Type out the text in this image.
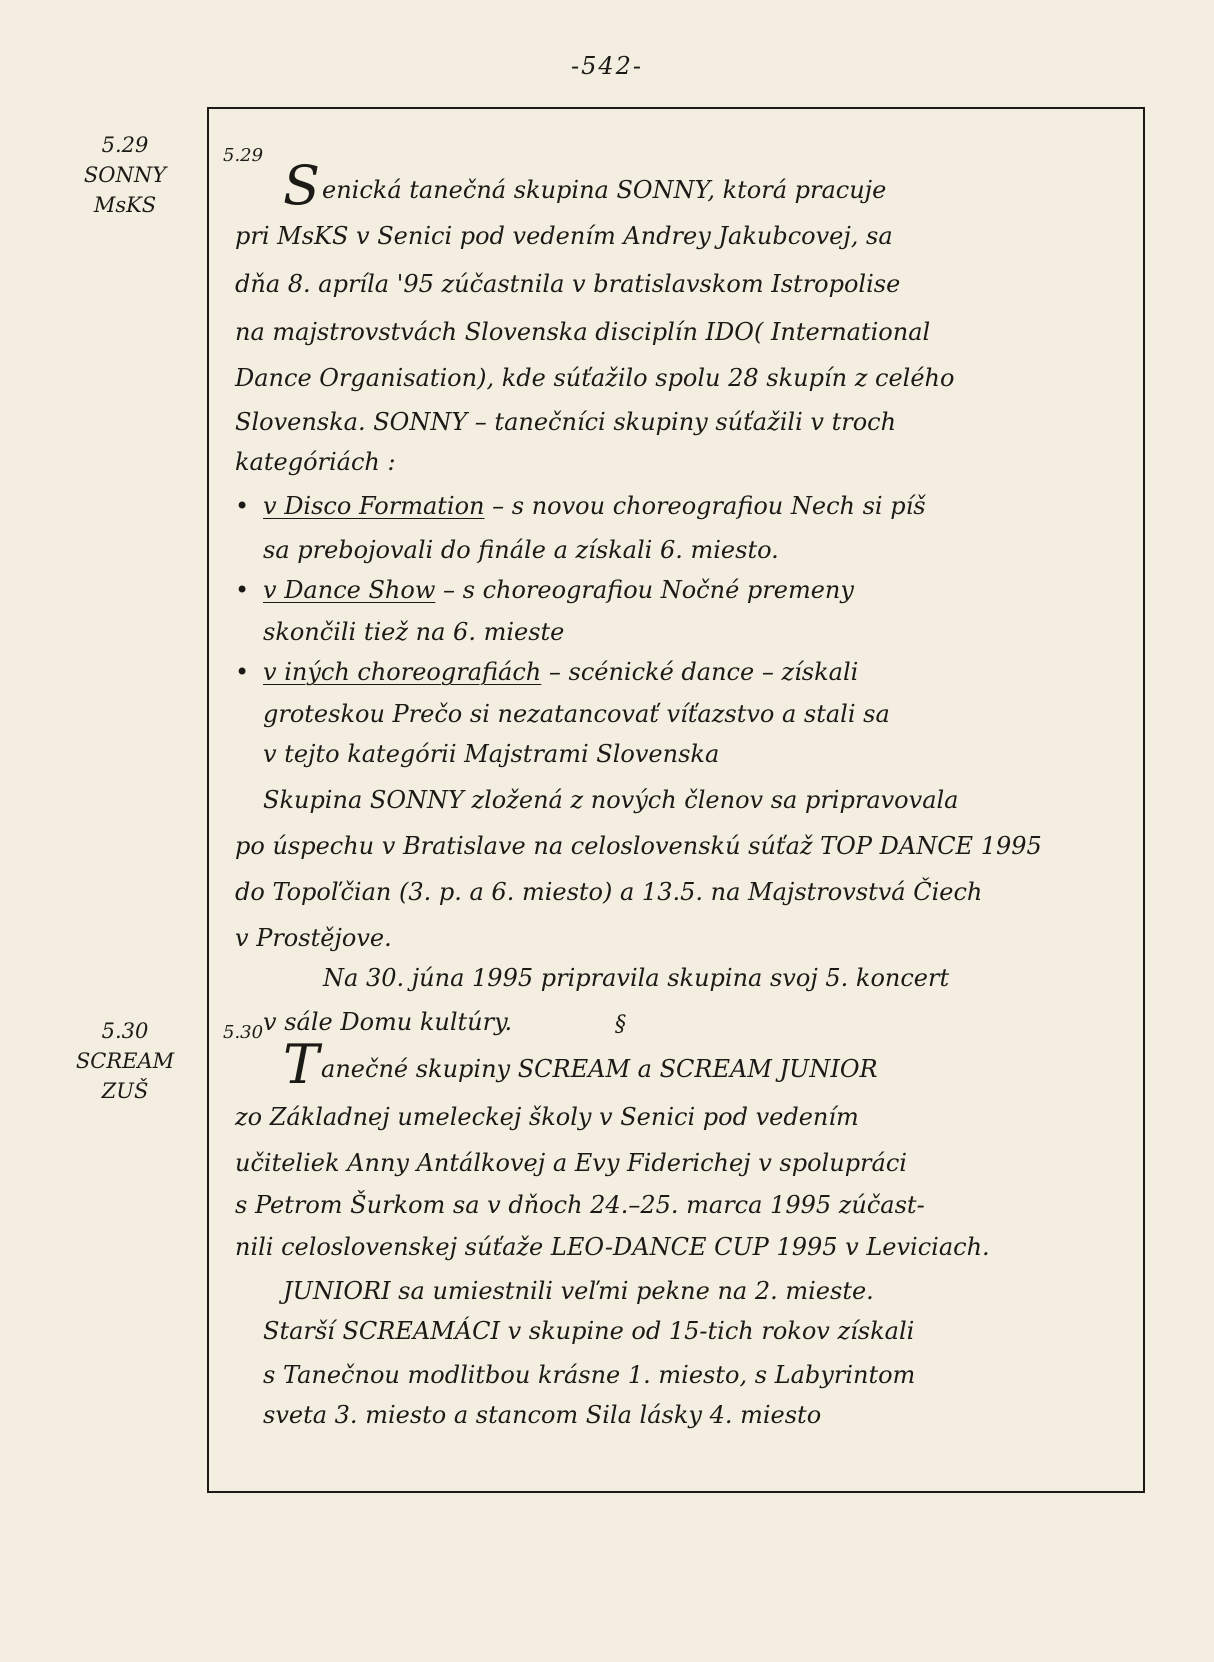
-542-
5.29
SONNY
MsKS
5.30
SCREAM
ZUŠ
5.29 Senická tanečná skupina SONNY, ktorá pracuje
pri MsKS v Senici pod vedením Andrey Jakubcovej, sa
dňa 8. apríla '95 zúčastnila v bratislavskom Istropolise
na majstrovstvách Slovenska disciplín IDO( International
Dance Organisation), kde súťažilo spolu 28 skupín z celého
Slovenska. SONNY – tanečníci skupiny súťažili v troch
kategóriách :
• v Disco Formation – s novou choreografiou Nech si píš
sa prebojovali do finále a získali 6. miesto.
• v Dance Show – s choreografiou Nočné premeny
skončili tiež na 6. mieste
• v iných choreografiách – scénické dance – získali
groteskou Prečo si nezatancovať víťazstvo a stali sa
v tejto kategórii Majstrami Slovenska
Skupina SONNY zložená z nových členov sa pripravovala
po úspechu v Bratislave na celoslovenskú súťaž TOP DANCE 1995
do Topoľčian (3. p. a 6. miesto) a 13.5. na Majstrovstvá Čiech
v Prostějove.
Na 30. júna 1995 pripravila skupina svoj 5. koncert
v sále Domu kultúry.	§
5.30
Tanečné skupiny SCREAM a SCREAM JUNIOR
zo Základnej umeleckej školy v Senici pod vedením
učiteliek Anny Antálkovej a Evy Fiderichej v spolupráci
s Petrom Šurkom sa v dňoch 24.–25. marca 1995 zúčast-
nili celoslovenskej súťaže LEO-DANCE CUP 1995 v Leviciach.
JUNIORI sa umiestnili veľmi pekne na 2. mieste.
Starší SCREAMÁCI v skupine od 15-tich rokov získali
s Tanečnou modlitbou krásne 1. miesto, s Labyrintom
sveta 3. miesto a stancom Sila lásky 4. miesto
